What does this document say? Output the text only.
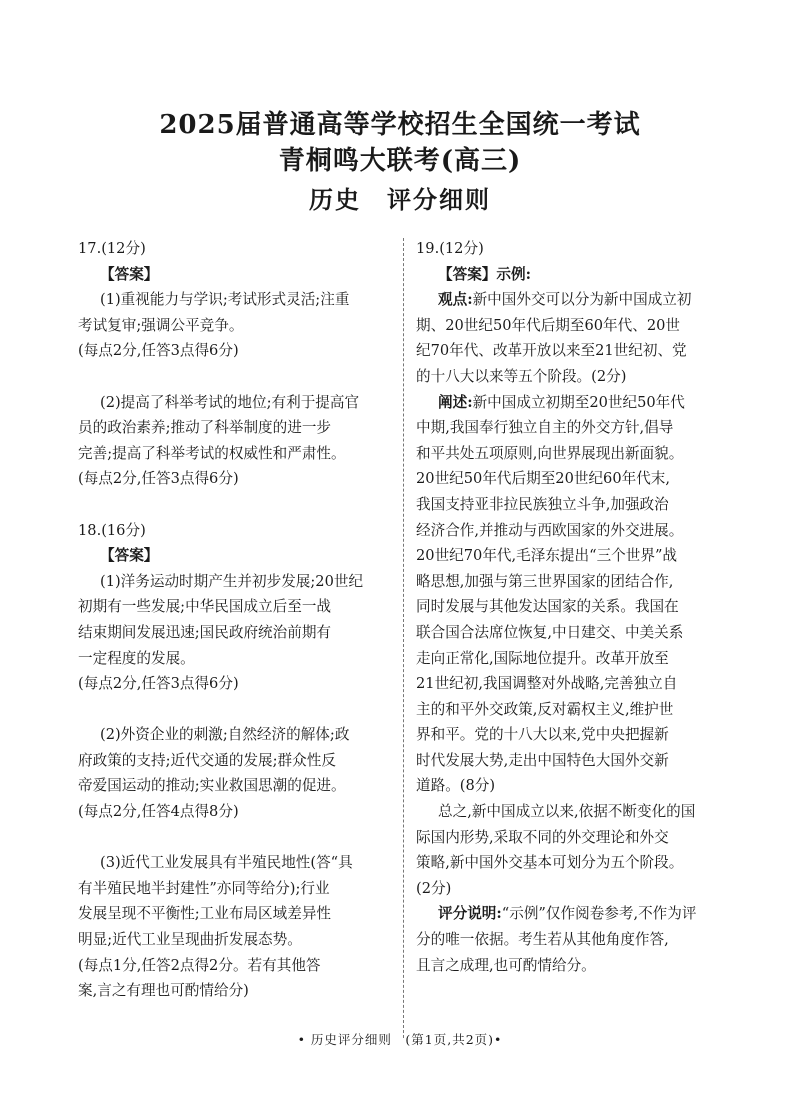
2025届普通高等学校招生全国统一考试
青桐鸣大联考(高三)
历史　评分细则
17.(12分)
【答案】
(1)重视能力与学识;考试形式灵活;注重
考试复审;强调公平竞争。
(每点2分,任答3点得6分)
(2)提高了科举考试的地位;有利于提高官
员的政治素养;推动了科举制度的进一步
完善;提高了科举考试的权威性和严肃性。
(每点2分,任答3点得6分)
18.(16分)
【答案】
(1)洋务运动时期产生并初步发展;20世纪
初期有一些发展;中华民国成立后至一战
结束期间发展迅速;国民政府统治前期有
一定程度的发展。
(每点2分,任答3点得6分)
(2)外资企业的刺激;自然经济的解体;政
府政策的支持;近代交通的发展;群众性反
帝爱国运动的推动;实业救国思潮的促进。
(每点2分,任答4点得8分)
(3)近代工业发展具有半殖民地性(答“具
有半殖民地半封建性”亦同等给分);行业
发展呈现不平衡性;工业布局区域差异性
明显;近代工业呈现曲折发展态势。
(每点1分,任答2点得2分。若有其他答
案,言之有理也可酌情给分)
19.(12分)
【答案】示例:
观点:新中国外交可以分为新中国成立初
期、20世纪50年代后期至60年代、20世
纪70年代、改革开放以来至21世纪初、党
的十八大以来等五个阶段。(2分)
阐述:新中国成立初期至20世纪50年代
中期,我国奉行独立自主的外交方针,倡导
和平共处五项原则,向世界展现出新面貌。
20世纪50年代后期至20世纪60年代末,
我国支持亚非拉民族独立斗争,加强政治
经济合作,并推动与西欧国家的外交进展。
20世纪70年代,毛泽东提出“三个世界”战
略思想,加强与第三世界国家的团结合作,
同时发展与其他发达国家的关系。我国在
联合国合法席位恢复,中日建交、中美关系
走向正常化,国际地位提升。改革开放至
21世纪初,我国调整对外战略,完善独立自
主的和平外交政策,反对霸权主义,维护世
界和平。党的十八大以来,党中央把握新
时代发展大势,走出中国特色大国外交新
道路。(8分)
总之,新中国成立以来,依据不断变化的国
际国内形势,采取不同的外交理论和外交
策略,新中国外交基本可划分为五个阶段。
(2分)
评分说明:“示例”仅作阅卷参考,不作为评
分的唯一依据。考生若从其他角度作答,
且言之成理,也可酌情给分。
• 历史评分细则　(第1页,共2页)•
